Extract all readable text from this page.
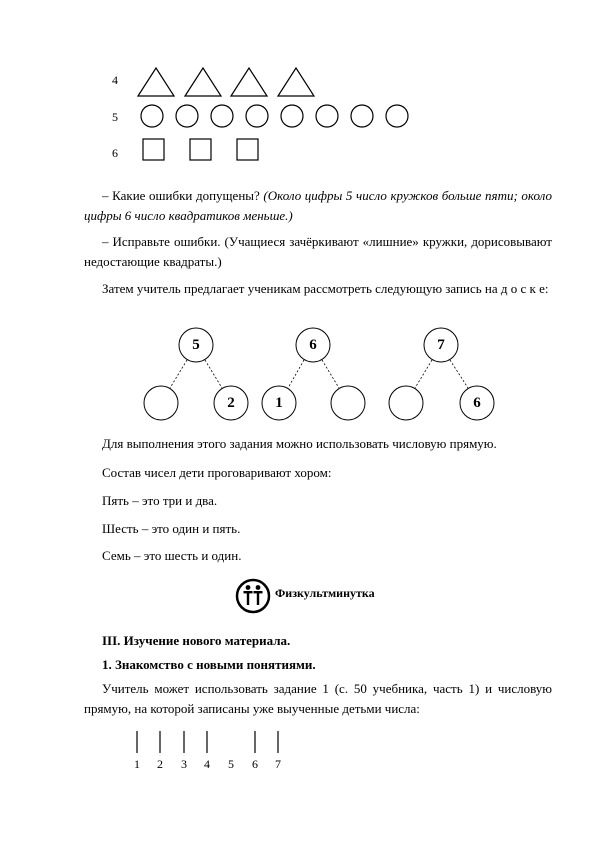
4
5
6
– Какие ошибки допущены? (Около цифры 5 число кружков больше пяти; около цифры 6 число квадратиков меньше.)
– Исправьте ошибки. (Учащиеся зачёркивают «лишние» кружки, дорисовывают недостающие квадраты.)
Затем учитель предлагает ученикам рассмотреть следующую запись на д о с к е:
5
2
6
1
7
6
Для выполнения этого задания можно использовать числовую прямую.
Состав чисел дети проговаривают хором:
Пять – это три и два.
Шесть – это один и пять.
Семь – это шесть и один.
Физкультминутка
III. Изучение нового материала.
1. Знакомство с новыми понятиями.
Учитель может использовать задание 1 (с. 50 учебника, часть 1) и числовую прямую, на которой записаны уже выученные детьми числа:
1	2	3	4	5	6	7
